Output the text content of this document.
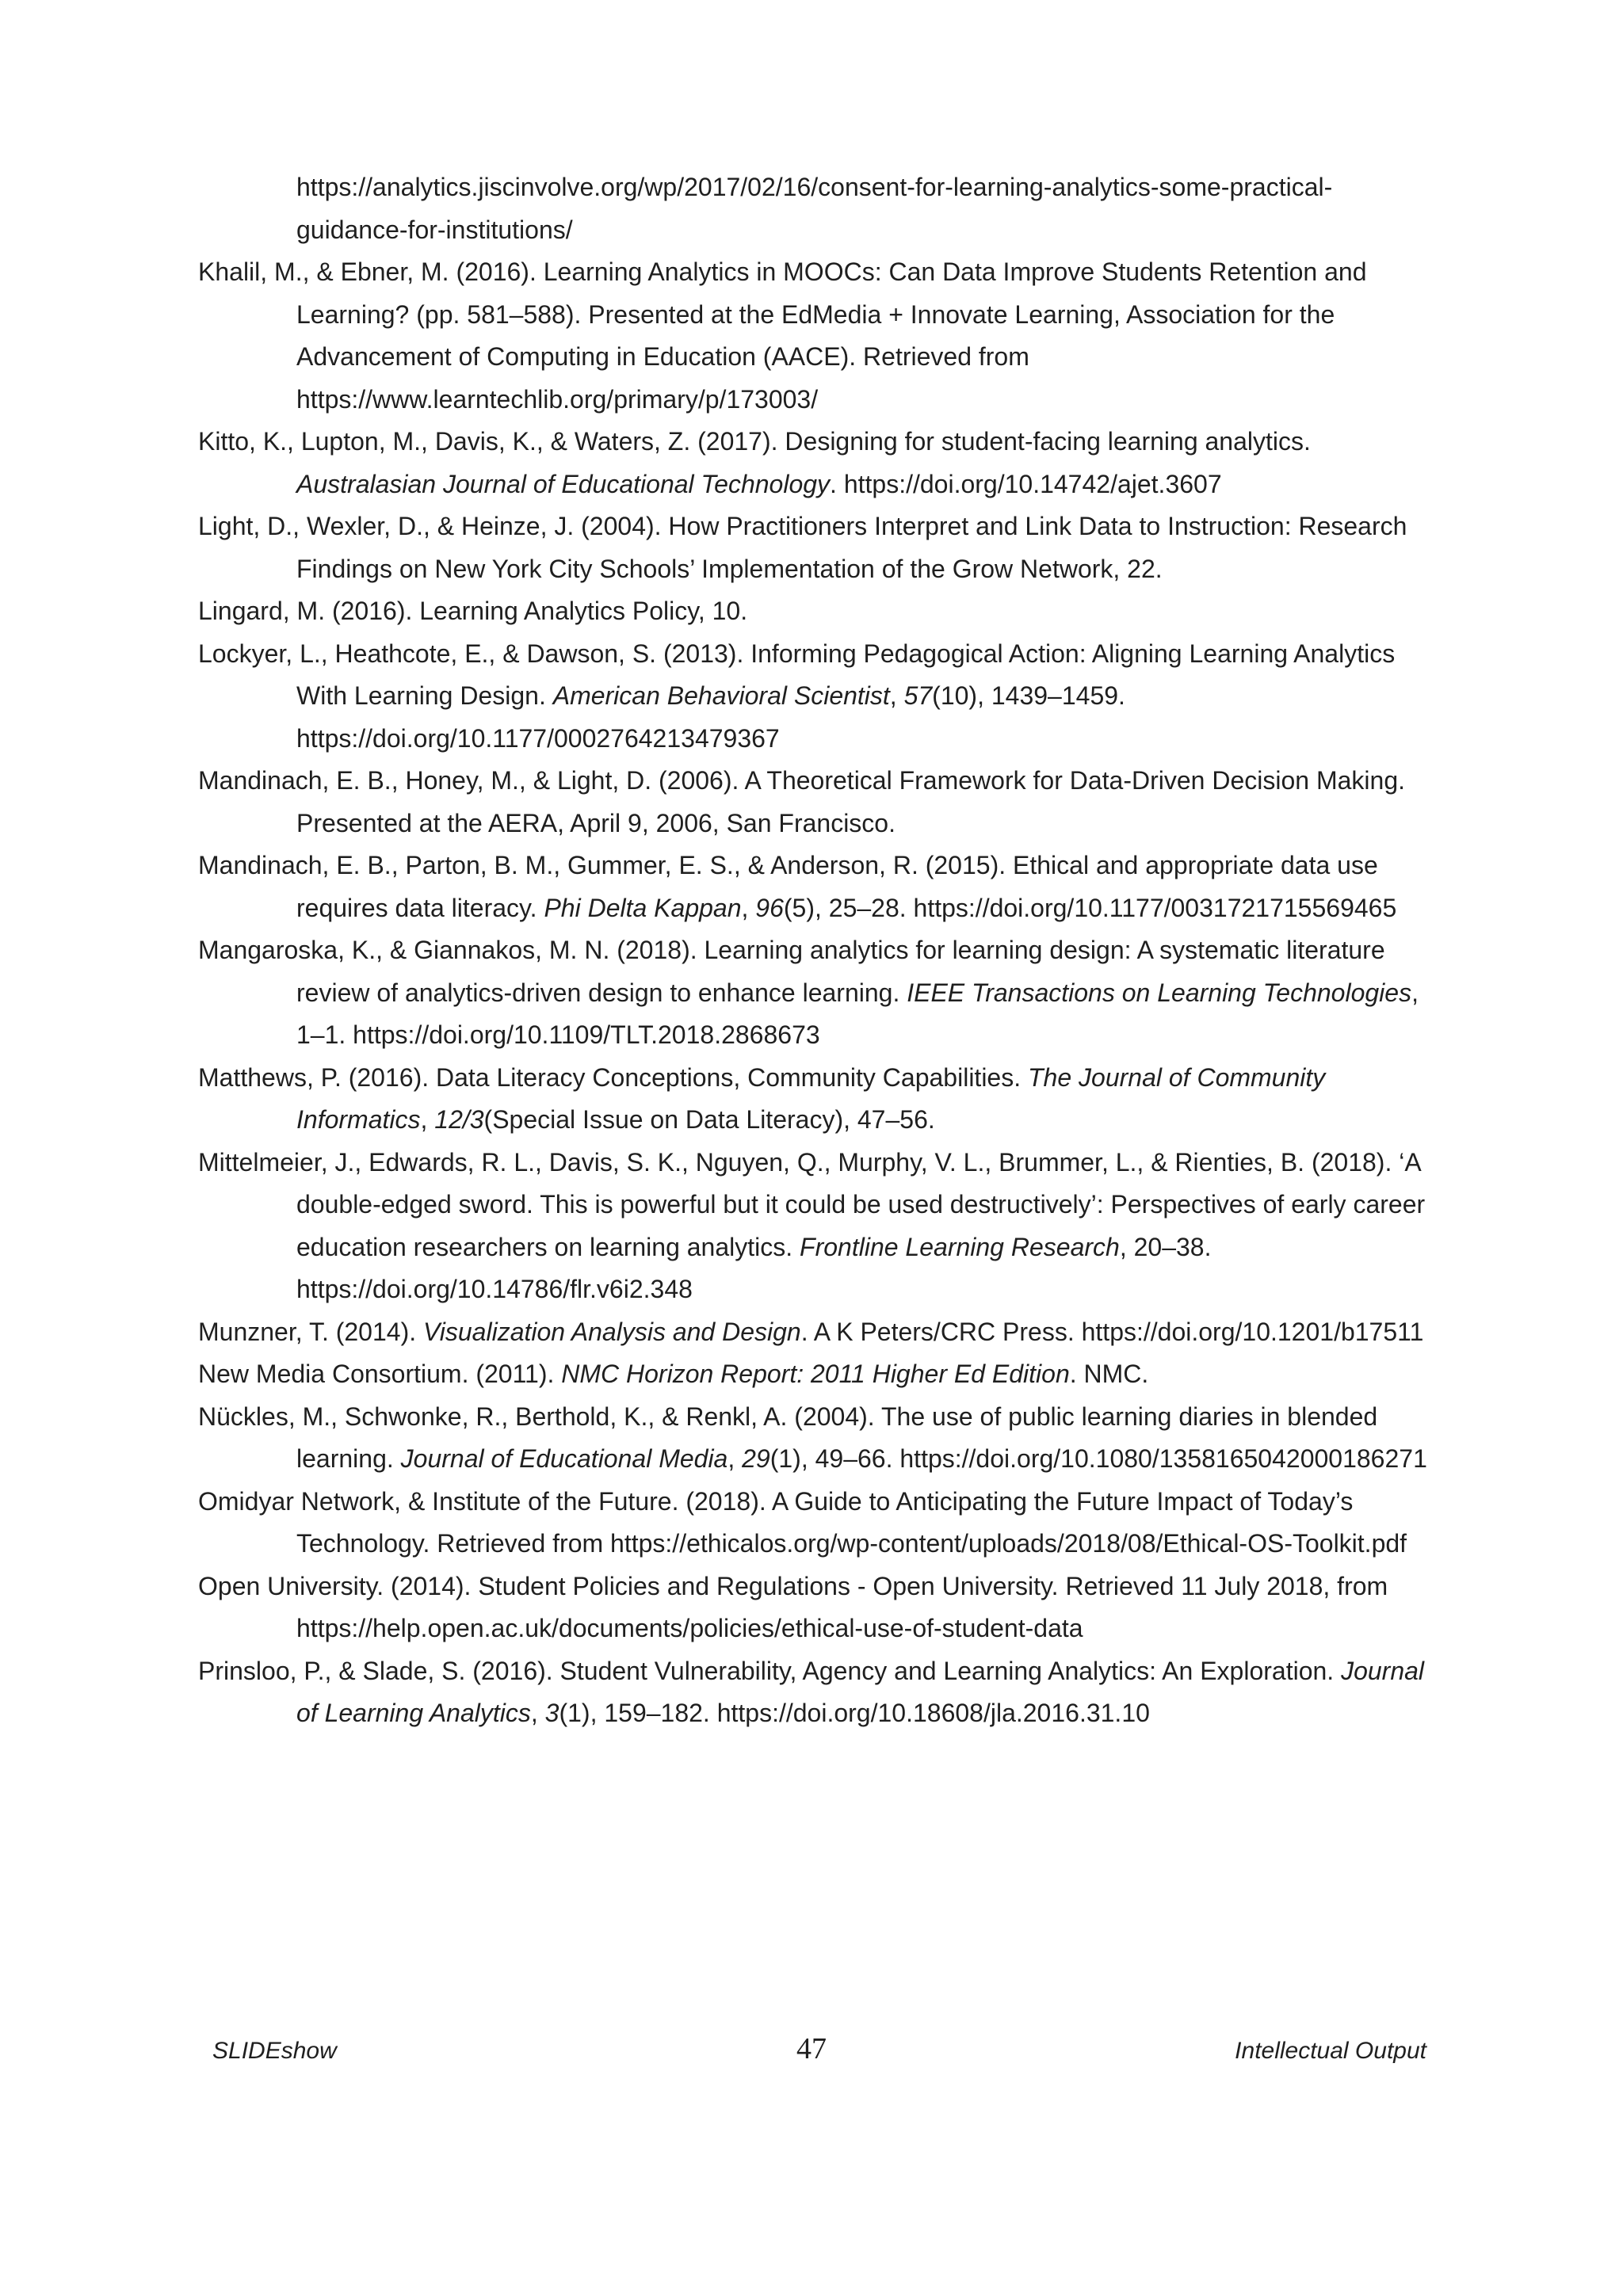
https://analytics.jiscinvolve.org/wp/2017/02/16/consent-for-learning-analytics-some-practical-guidance-for-institutions/

Khalil, M., & Ebner, M. (2016). Learning Analytics in MOOCs: Can Data Improve Students Retention and Learning? (pp. 581–588). Presented at the EdMedia + Innovate Learning, Association for the Advancement of Computing in Education (AACE). Retrieved from https://www.learntechlib.org/primary/p/173003/

Kitto, K., Lupton, M., Davis, K., & Waters, Z. (2017). Designing for student-facing learning analytics. Australasian Journal of Educational Technology. https://doi.org/10.14742/ajet.3607

Light, D., Wexler, D., & Heinze, J. (2004). How Practitioners Interpret and Link Data to Instruction: Research Findings on New York City Schools’ Implementation of the Grow Network, 22.

Lingard, M. (2016). Learning Analytics Policy, 10.

Lockyer, L., Heathcote, E., & Dawson, S. (2013). Informing Pedagogical Action: Aligning Learning Analytics With Learning Design. American Behavioral Scientist, 57(10), 1439–1459. https://doi.org/10.1177/0002764213479367

Mandinach, E. B., Honey, M., & Light, D. (2006). A Theoretical Framework for Data-Driven Decision Making. Presented at the AERA, April 9, 2006, San Francisco.

Mandinach, E. B., Parton, B. M., Gummer, E. S., & Anderson, R. (2015). Ethical and appropriate data use requires data literacy. Phi Delta Kappan, 96(5), 25–28. https://doi.org/10.1177/0031721715569465

Mangaroska, K., & Giannakos, M. N. (2018). Learning analytics for learning design: A systematic literature review of analytics-driven design to enhance learning. IEEE Transactions on Learning Technologies, 1–1. https://doi.org/10.1109/TLT.2018.2868673

Matthews, P. (2016). Data Literacy Conceptions, Community Capabilities. The Journal of Community Informatics, 12/3(Special Issue on Data Literacy), 47–56.

Mittelmeier, J., Edwards, R. L., Davis, S. K., Nguyen, Q., Murphy, V. L., Brummer, L., & Rienties, B. (2018). ‘A double-edged sword. This is powerful but it could be used destructively’: Perspectives of early career education researchers on learning analytics. Frontline Learning Research, 20–38. https://doi.org/10.14786/flr.v6i2.348

Munzner, T. (2014). Visualization Analysis and Design. A K Peters/CRC Press. https://doi.org/10.1201/b17511

New Media Consortium. (2011). NMC Horizon Report: 2011 Higher Ed Edition. NMC.

Nückles, M., Schwonke, R., Berthold, K., & Renkl, A. (2004). The use of public learning diaries in blended learning. Journal of Educational Media, 29(1), 49–66. https://doi.org/10.1080/1358165042000186271

Omidyar Network, & Institute of the Future. (2018). A Guide to Anticipating the Future Impact of Today’s Technology. Retrieved from https://ethicalos.org/wp-content/uploads/2018/08/Ethical-OS-Toolkit.pdf

Open University. (2014). Student Policies and Regulations - Open University. Retrieved 11 July 2018, from https://help.open.ac.uk/documents/policies/ethical-use-of-student-data

Prinsloo, P., & Slade, S. (2016). Student Vulnerability, Agency and Learning Analytics: An Exploration. Journal of Learning Analytics, 3(1), 159–182. https://doi.org/10.18608/jla.2016.31.10

SLIDEshow	47	Intellectual Output
